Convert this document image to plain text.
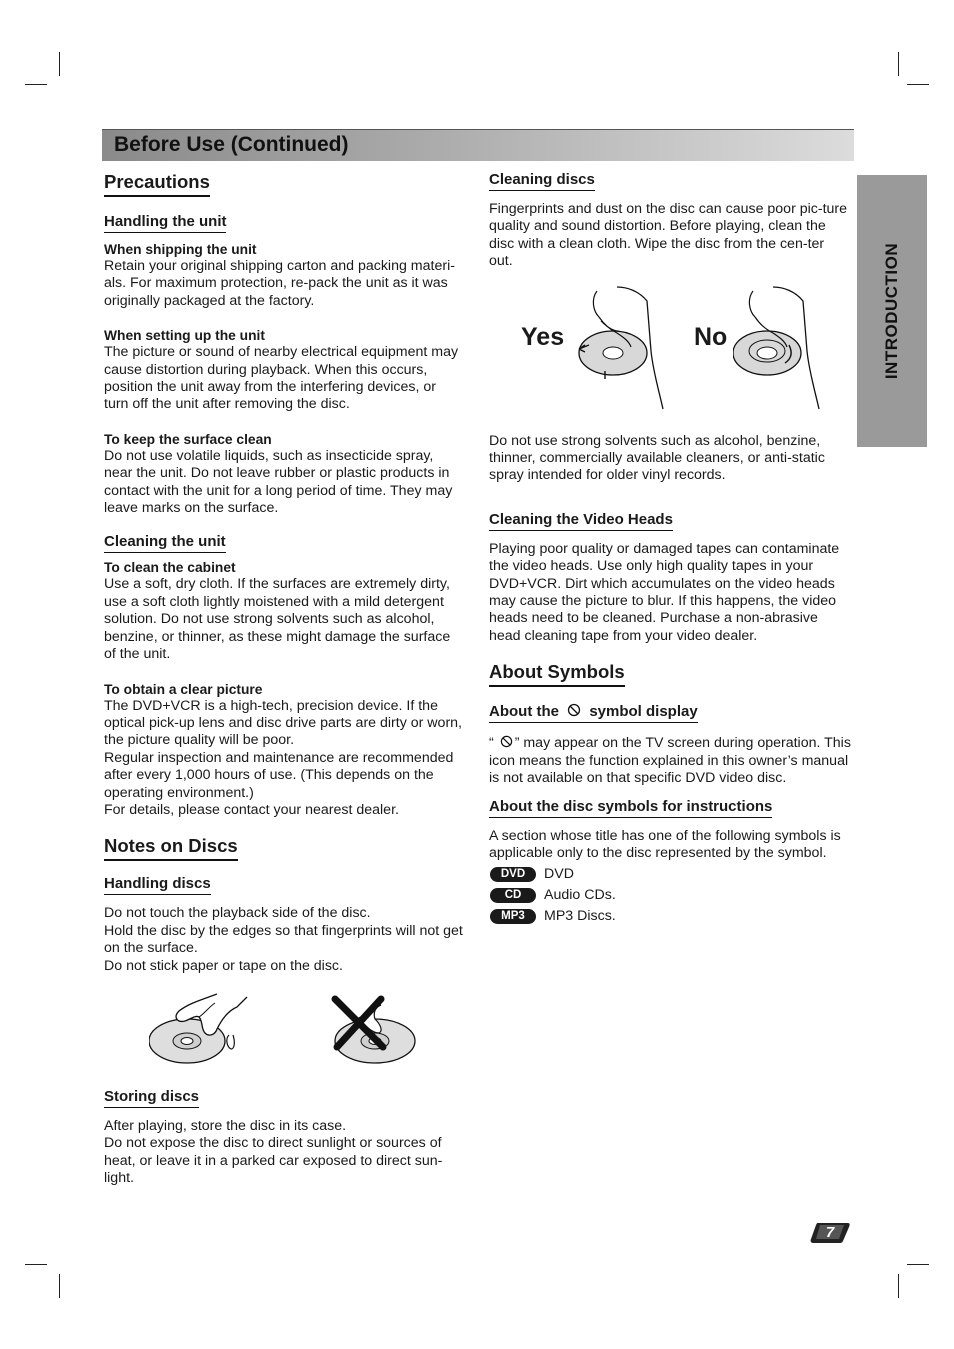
Before Use (Continued)
INTRODUCTION
Precautions
Handling the unit
When shipping the unit

Retain your original shipping carton and packing materi-als. For maximum protection, re-pack the unit as it was originally packaged at the factory.

When setting up the unit

The picture or sound of nearby electrical equipment may cause distortion during playback. When this occurs, position the unit away from the interfering devices, or turn off the unit after removing the disc.

To keep the surface clean

Do not use volatile liquids, such as insecticide spray, near the unit. Do not leave rubber or plastic products in contact with the unit for a long period of time. They may leave marks on the surface.

Cleaning the unit
To clean the cabinet

Use a soft, dry cloth. If the surfaces are extremely dirty, use a soft cloth lightly moistened with a mild detergent solution. Do not use strong solvents such as alcohol, benzine, or thinner, as these might damage the surface of the unit.

To obtain a clear picture

The DVD+VCR is a high-tech, precision device. If the optical pick-up lens and disc drive parts are dirty or worn, the picture quality will be poor.

Regular inspection and maintenance are recommended after every 1,000 hours of use. (This depends on the operating environment.)

For details, please contact your nearest dealer.

Notes on Discs
Handling discs

Do not touch the playback side of the disc.

Hold the disc by the edges so that fingerprints will not get on the surface.

Do not stick paper or tape on the disc.

Storing discs

After playing, store the disc in its case.

Do not expose the disc to direct sunlight or sources of heat, or leave it in a parked car exposed to direct sun-light.

Cleaning discs

Fingerprints and dust on the disc can cause poor pic-ture quality and sound distortion. Before playing, clean the disc with a clean cloth. Wipe the disc from the cen-ter out.

Yes	No

Do not use strong solvents such as alcohol, benzine, thinner, commercially available cleaners, or anti-static spray intended for older vinyl records.

Cleaning the Video Heads

Playing poor quality or damaged tapes can contaminate the video heads. Use only high quality tapes in your DVD+VCR. Dirt which accumulates on the video heads may cause the picture to blur. If this happens, the video heads need to be cleaned. Purchase a non-abrasive head cleaning tape from your video dealer.

About Symbols
About the symbol display

“ ” may appear on the TV screen during operation. This icon means the function explained in this owner’s manual is not available on that specific DVD video disc.

About the disc symbols for instructions

A section whose title has one of the following symbols is applicable only to the disc represented by the symbol.

DVD	DVD
CD	Audio CDs.
MP3	MP3 Discs.
7
